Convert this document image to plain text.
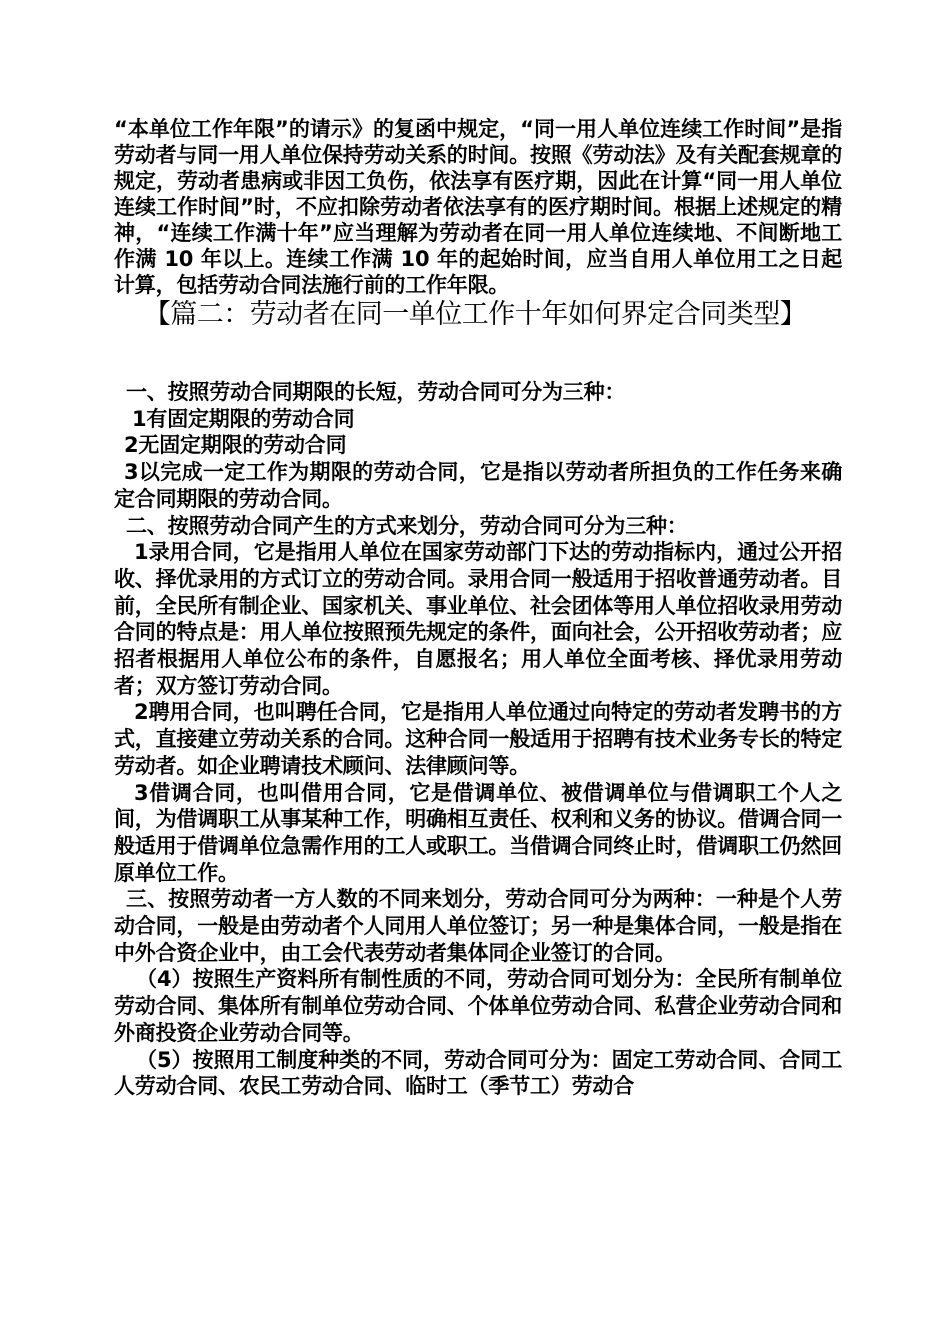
“本单位工作年限”的请示》的复函中规定，“同一用人单位连续工作时间”是指劳动者与同一用人单位保持劳动关系的时间。按照《劳动法》及有关配套规章的规定，劳动者患病或非因工负伤，依法享有医疗期，因此在计算“同一用人单位连续工作时间”时，不应扣除劳动者依法享有的医疗期时间。根据上述规定的精神，“连续工作满十年”应当理解为劳动者在同一用人单位连续地、不间断地工作满 10 年以上。连续工作满 10 年的起始时间，应当自用人单位用工之日起计算，包括劳动合同法施行前的工作年限。

【篇二：劳动者在同一单位工作十年如何界定合同类型】

一、按照劳动合同期限的长短，劳动合同可分为三种：

1有固定期限的劳动合同

2无固定期限的劳动合同

3以完成一定工作为期限的劳动合同，它是指以劳动者所担负的工作任务来确定合同期限的劳动合同。

二、按照劳动合同产生的方式来划分，劳动合同可分为三种：

1录用合同，它是指用人单位在国家劳动部门下达的劳动指标内，通过公开招收、择优录用的方式订立的劳动合同。录用合同一般适用于招收普通劳动者。目前，全民所有制企业、国家机关、事业单位、社会团体等用人单位招收录用劳动合同的特点是：用人单位按照预先规定的条件，面向社会，公开招收劳动者；应招者根据用人单位公布的条件，自愿报名；用人单位全面考核、择优录用劳动者；双方签订劳动合同。

2聘用合同，也叫聘任合同，它是指用人单位通过向特定的劳动者发聘书的方式，直接建立劳动关系的合同。这种合同一般适用于招聘有技术业务专长的特定劳动者。如企业聘请技术顾问、法律顾问等。

3借调合同，也叫借用合同，它是借调单位、被借调单位与借调职工个人之间，为借调职工从事某种工作，明确相互责任、权利和义务的协议。借调合同一般适用于借调单位急需作用的工人或职工。当借调合同终止时，借调职工仍然回原单位工作。

三、按照劳动者一方人数的不同来划分，劳动合同可分为两种：一种是个人劳动合同，一般是由劳动者个人同用人单位签订；另一种是集体合同，一般是指在中外合资企业中，由工会代表劳动者集体同企业签订的合同。

（4）按照生产资料所有制性质的不同，劳动合同可划分为：全民所有制单位劳动合同、集体所有制单位劳动合同、个体单位劳动合同、私营企业劳动合同和外商投资企业劳动合同等。

（5）按照用工制度种类的不同，劳动合同可分为：固定工劳动合同、合同工人劳动合同、农民工劳动合同、临时工（季节工）劳动合
